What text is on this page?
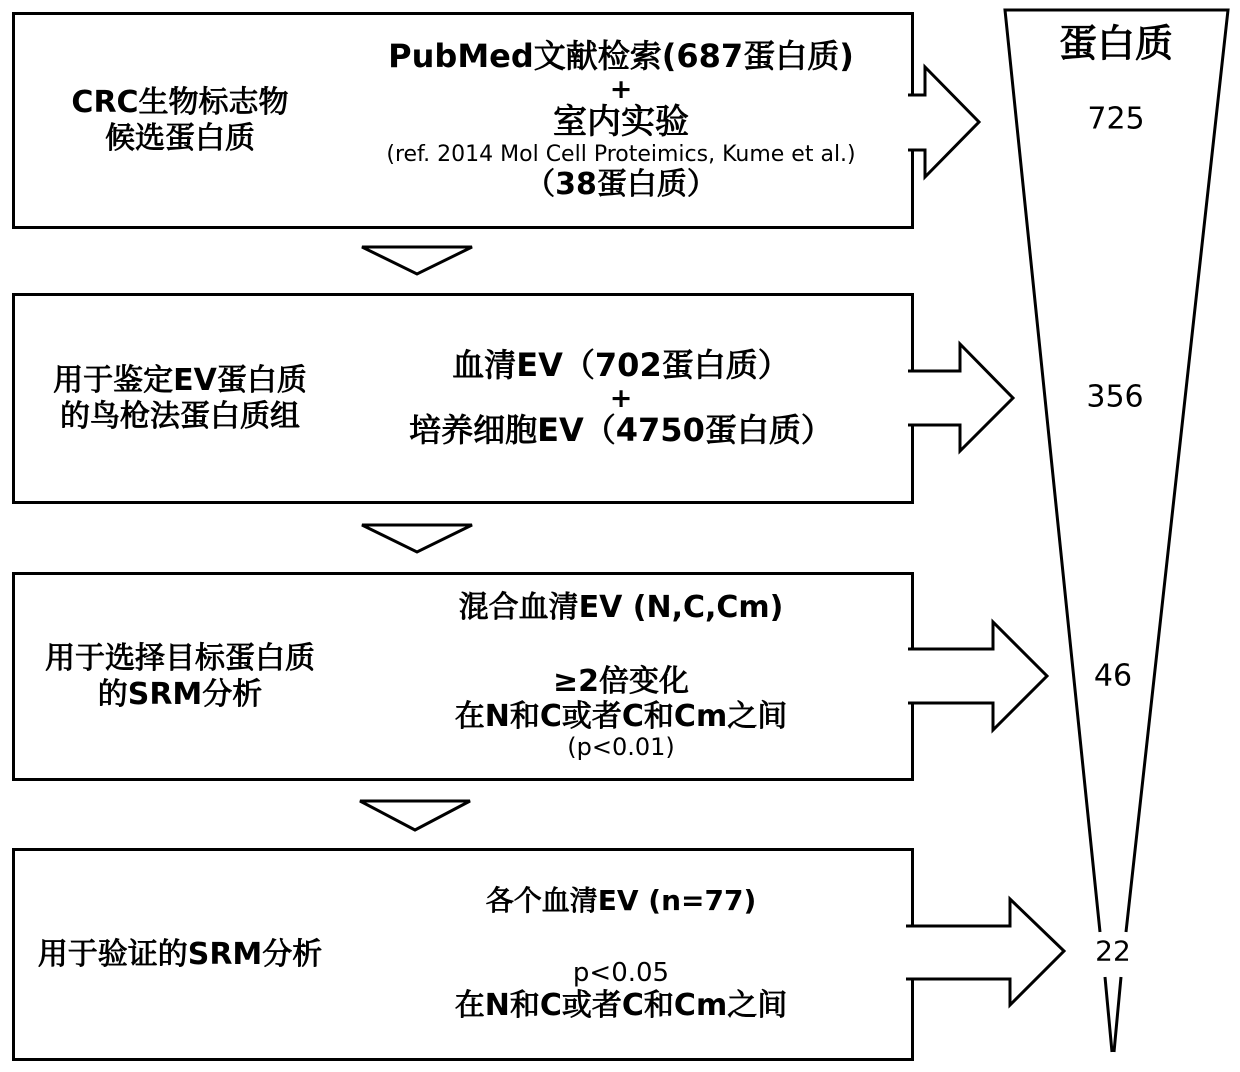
CRC生物标志物
候选蛋白质
PubMed文献检索(687蛋白质)
+
室内实验
(ref. 2014 Mol Cell Proteimics, Kume et al.)
（38蛋白质）
用于鉴定EV蛋白质
的鸟枪法蛋白质组
血清EV（702蛋白质）
+
培养细胞EV（4750蛋白质）
用于选择目标蛋白质
的SRM分析
混合血清EV (N,C,Cm)
≥2倍变化
在N和C或者C和Cm之间
(p<0.01)
用于验证的SRM分析
各个血清EV (n=77)
p<0.05
在N和C或者C和Cm之间
蛋白质
725
356
46
22
